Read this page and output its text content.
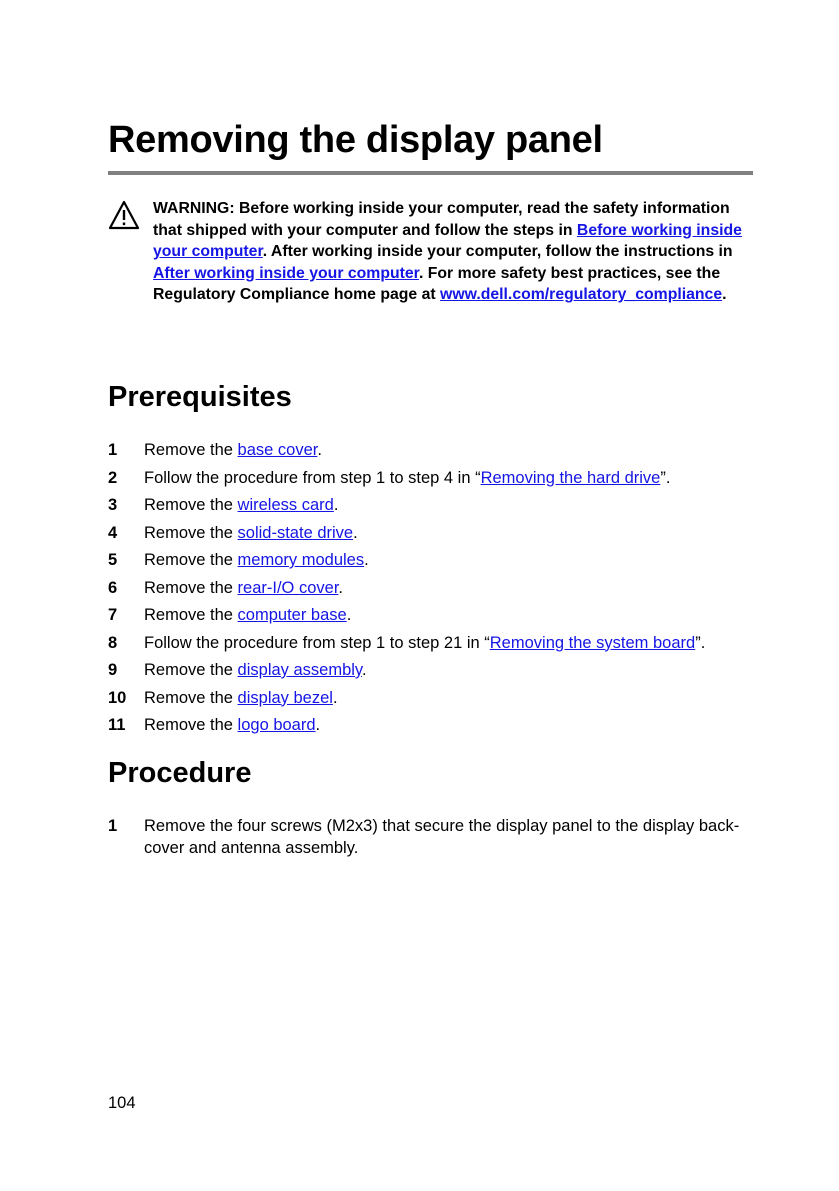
Removing the display panel

WARNING: Before working inside your computer, read the safety information that shipped with your computer and follow the steps in Before working inside your computer. After working inside your computer, follow the instructions in After working inside your computer. For more safety best practices, see the Regulatory Compliance home page at www.dell.com/regulatory_compliance.

Prerequisites
1 Remove the base cover.
2 Follow the procedure from step 1 to step 4 in “Removing the hard drive”.
3 Remove the wireless card.
4 Remove the solid-state drive.
5 Remove the memory modules.
6 Remove the rear-I/O cover.
7 Remove the computer base.
8 Follow the procedure from step 1 to step 21 in “Removing the system board”.
9 Remove the display assembly.
10 Remove the display bezel.
11 Remove the logo board.
Procedure
1 Remove the four screws (M2x3) that secure the display panel to the display back-cover and antenna assembly.
104
